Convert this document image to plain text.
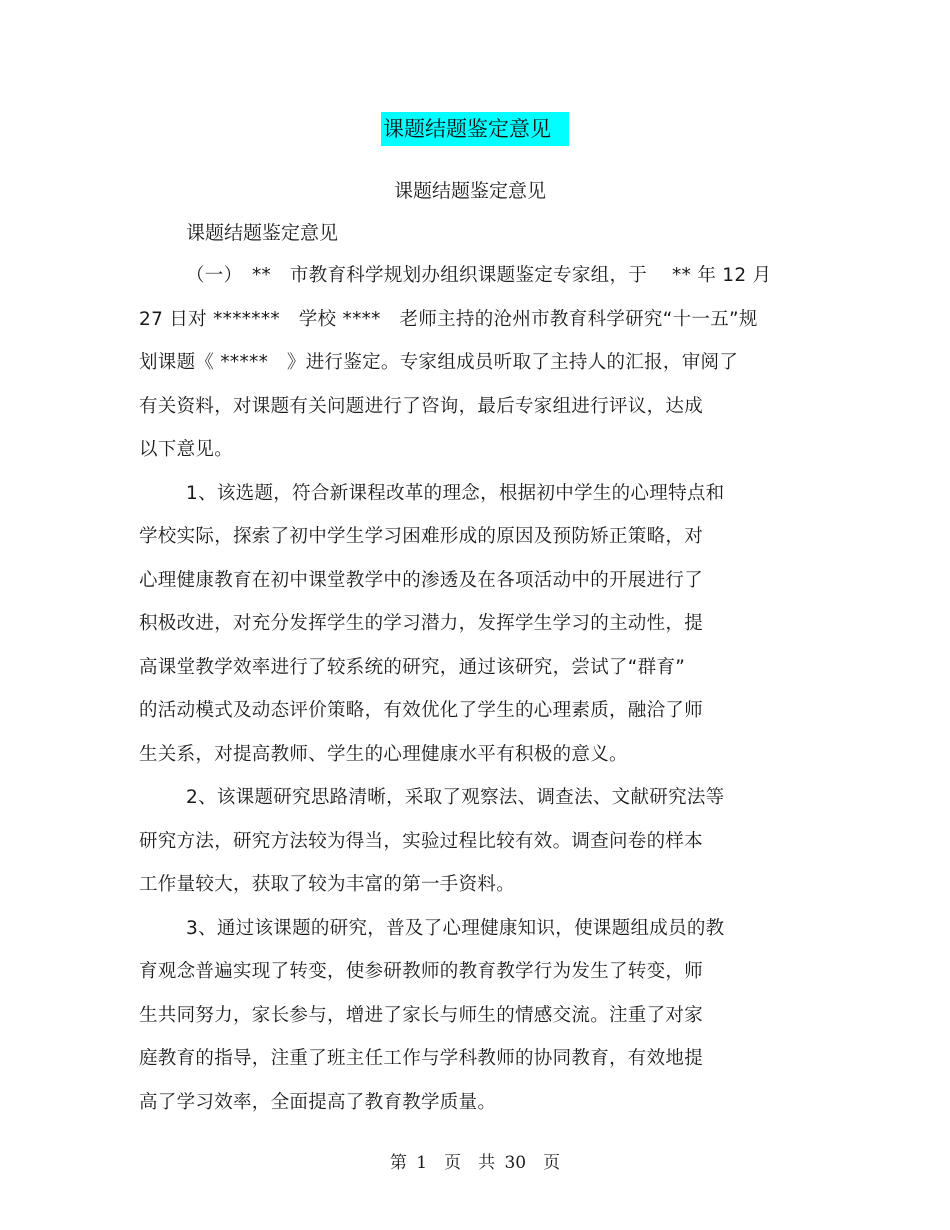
课题结题鉴定意见
课题结题鉴定意见
课题结题鉴定意见
（一）　**　市教育科学规划办组织课题鉴定专家组，于　 ** 年 12 月
27 日对 *******　学校 ****　老师主持的沧州市教育科学研究“十一五”规
划课题《 *****　》进行鉴定。专家组成员听取了主持人的汇报，审阅了
有关资料，对课题有关问题进行了咨询，最后专家组进行评议，达成
以下意见。
1、该选题，符合新课程改革的理念，根据初中学生的心理特点和
学校实际，探索了初中学生学习困难形成的原因及预防矫正策略，对
心理健康教育在初中课堂教学中的渗透及在各项活动中的开展进行了
积极改进，对充分发挥学生的学习潜力，发挥学生学习的主动性，提
高课堂教学效率进行了较系统的研究，通过该研究，尝试了“群育”
的活动模式及动态评价策略，有效优化了学生的心理素质，融洽了师
生关系，对提高教师、学生的心理健康水平有积极的意义。
2、该课题研究思路清晰，采取了观察法、调查法、文献研究法等
研究方法，研究方法较为得当，实验过程比较有效。调查问卷的样本
工作量较大，获取了较为丰富的第一手资料。
3、通过该课题的研究，普及了心理健康知识，使课题组成员的教
育观念普遍实现了转变，使参研教师的教育教学行为发生了转变，师
生共同努力，家长参与，增进了家长与师生的情感交流。注重了对家
庭教育的指导，注重了班主任工作与学科教师的协同教育，有效地提
高了学习效率，全面提高了教育教学质量。
第 1　页　共 30　页
